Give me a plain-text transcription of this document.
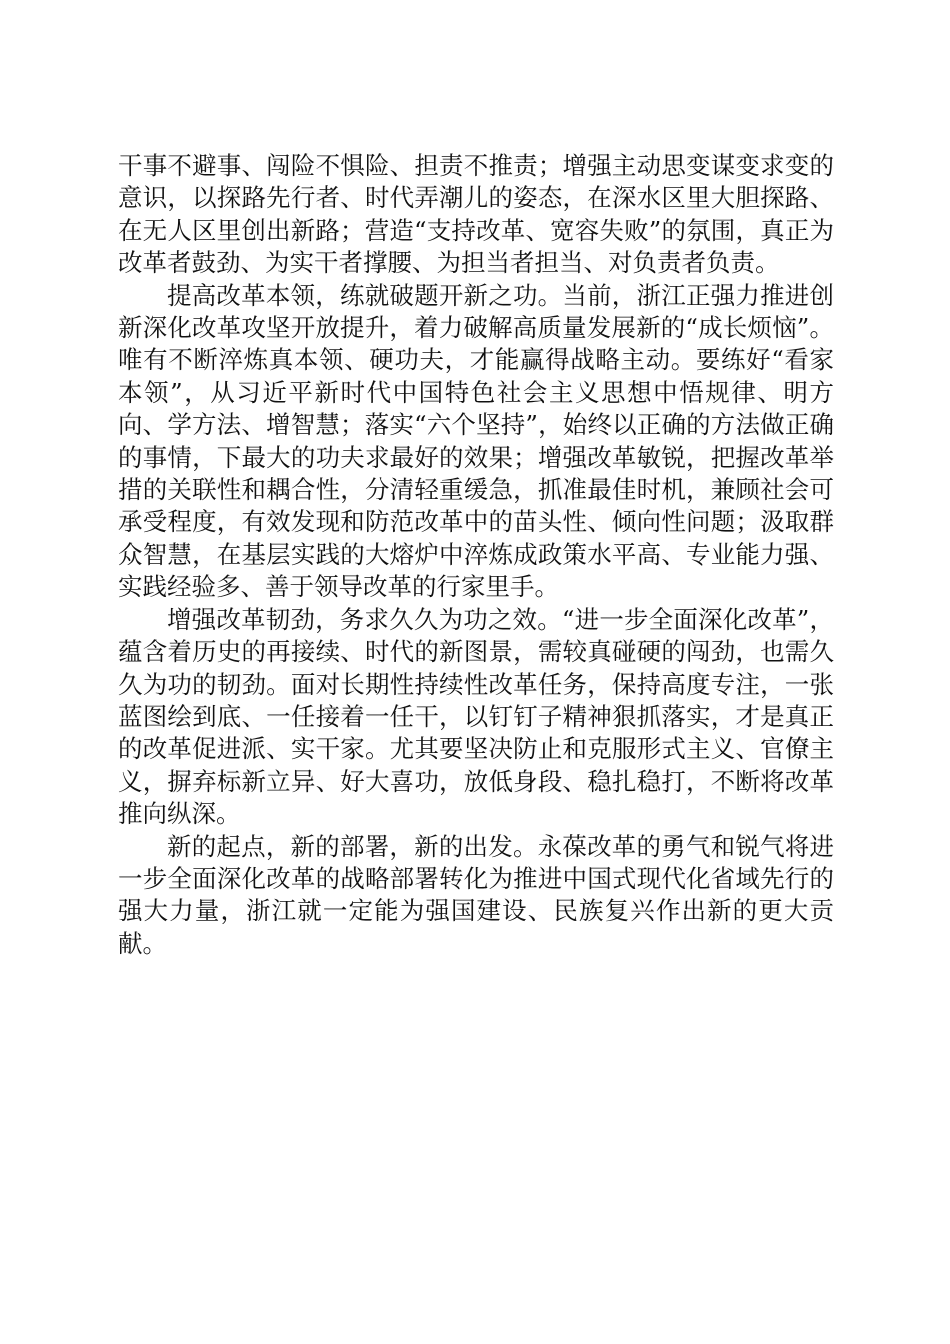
干事不避事、闯险不惧险、担责不推责；增强主动思变谋变求变的意识，以探路先行者、时代弄潮儿的姿态，在深水区里大胆探路、在无人区里创出新路；营造“支持改革、宽容失败”的氛围，真正为改革者鼓劲、为实干者撑腰、为担当者担当、对负责者负责。

提高改革本领，练就破题开新之功。当前，浙江正强力推进创新深化改革攻坚开放提升，着力破解高质量发展新的“成长烦恼”。唯有不断淬炼真本领、硬功夫，才能赢得战略主动。要练好“看家本领”，从习近平新时代中国特色社会主义思想中悟规律、明方向、学方法、增智慧；落实“六个坚持”，始终以正确的方法做正确的事情，下最大的功夫求最好的效果；增强改革敏锐，把握改革举措的关联性和耦合性，分清轻重缓急，抓准最佳时机，兼顾社会可承受程度，有效发现和防范改革中的苗头性、倾向性问题；汲取群众智慧，在基层实践的大熔炉中淬炼成政策水平高、专业能力强、实践经验多、善于领导改革的行家里手。

增强改革韧劲，务求久久为功之效。“进一步全面深化改革”，蕴含着历史的再接续、时代的新图景，需较真碰硬的闯劲，也需久久为功的韧劲。面对长期性持续性改革任务，保持高度专注，一张蓝图绘到底、一任接着一任干，以钉钉子精神狠抓落实，才是真正的改革促进派、实干家。尤其要坚决防止和克服形式主义、官僚主义，摒弃标新立异、好大喜功，放低身段、稳扎稳打，不断将改革推向纵深。

新的起点，新的部署，新的出发。永葆改革的勇气和锐气将进一步全面深化改革的战略部署转化为推进中国式现代化省域先行的强大力量，浙江就一定能为强国建设、民族复兴作出新的更大贡献。
